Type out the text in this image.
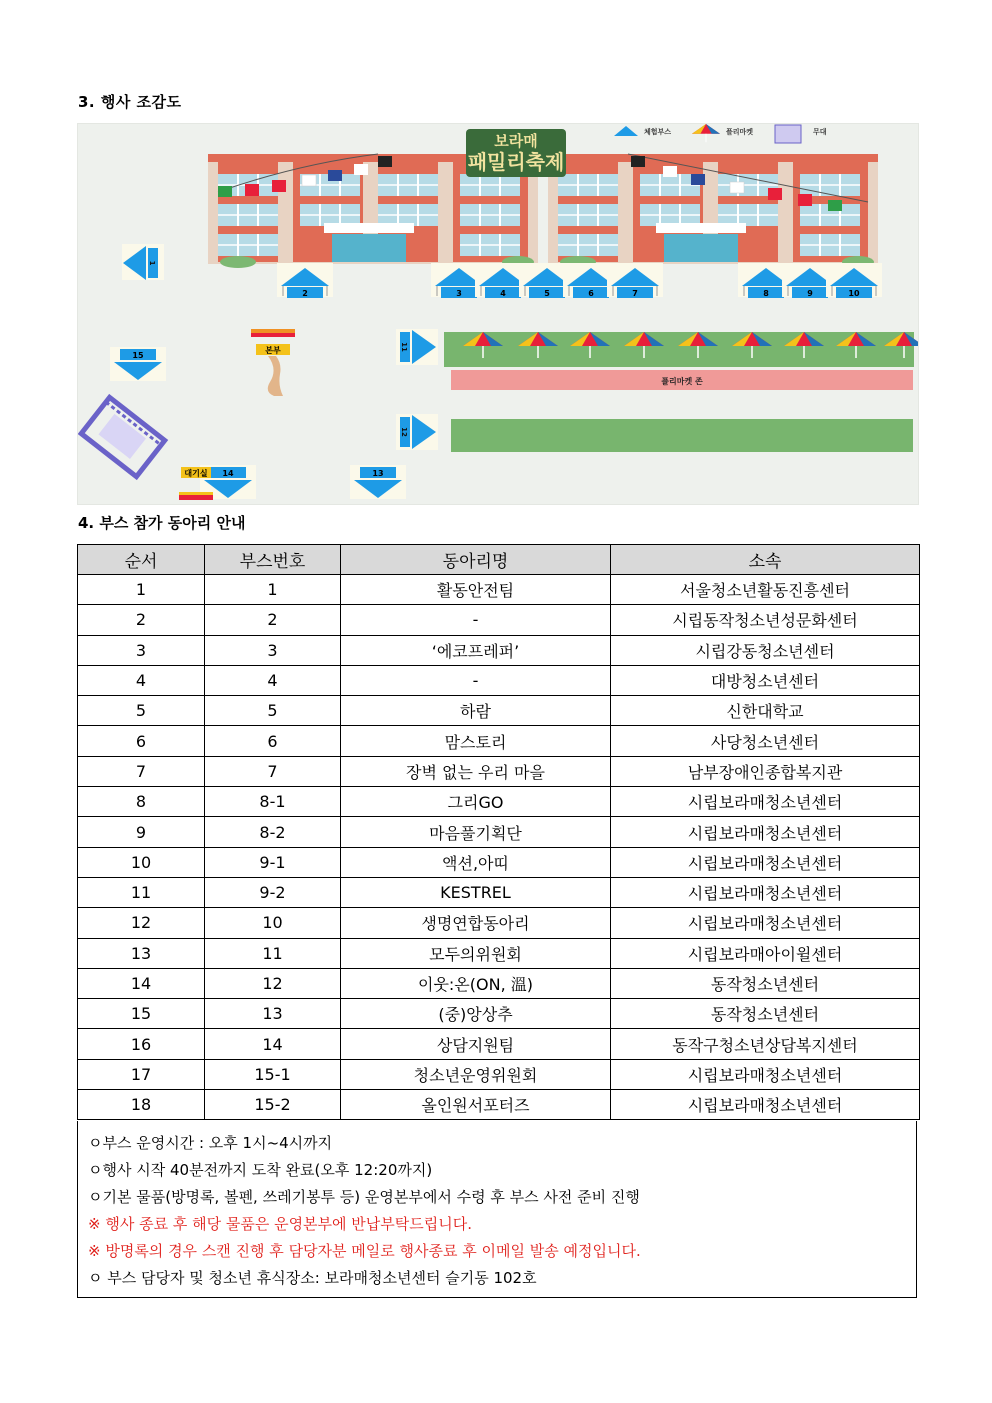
3. 행사 조감도
보라매
패밀리축제
체험부스	플리마켓	무대
1
2	3	4	5	6	7	8	9	10
11
12
13
14
15
본부
대기실
플리마켓 존
4. 부스 참가 동아리 안내
순서	부스번호	동아리명	소속
1	1	활동안전팀	서울청소년활동진흥센터
2	2	-	시립동작청소년성문화센터
3	3	‘에코프레퍼’	시립강동청소년센터
4	4	-	대방청소년센터
5	5	하람	신한대학교
6	6	맘스토리	사당청소년센터
7	7	장벽 없는 우리 마을	남부장애인종합복지관
8	8-1	그리GO	시립보라매청소년센터
9	8-2	마음풀기획단	시립보라매청소년센터
10	9-1	액션,아띠	시립보라매청소년센터
11	9-2	KESTREL	시립보라매청소년센터
12	10	생명연합동아리	시립보라매청소년센터
13	11	모두의위원회	시립보라매아이윌센터
14	12	이웃:온(ON, 溫)	동작청소년센터
15	13	(중)앙상추	동작청소년센터
16	14	상담지원팀	동작구청소년상담복지센터
17	15-1	청소년운영위원회	시립보라매청소년센터
18	15-2	올인원서포터즈	시립보라매청소년센터
ㅇ부스 운영시간 : 오후 1시~4시까지
ㅇ행사 시작 40분전까지 도착 완료(오후 12:20까지)
ㅇ기본 물품(방명록, 볼펜, 쓰레기봉투 등) 운영본부에서 수령 후 부스 사전 준비 진행
※ 행사 종료 후 해당 물품은 운영본부에 반납부탁드립니다.
※ 방명록의 경우 스캔 진행 후 담당자분 메일로 행사종료 후 이메일 발송 예정입니다.
ㅇ 부스 담당자 및 청소년 휴식장소: 보라매청소년센터 슬기동 102호
